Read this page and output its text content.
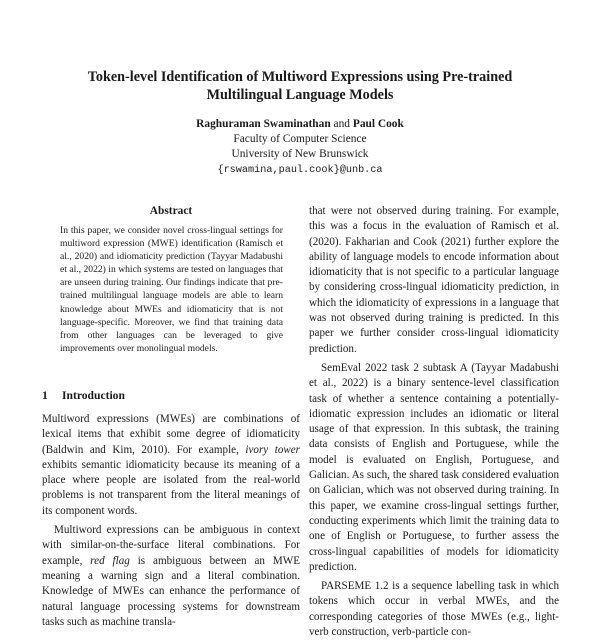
Token-level Identification of Multiword Expressions using Pre-trained
Multilingual Language Models
Raghuraman Swaminathan and Paul Cook
Faculty of Computer Science
University of New Brunswick
{rswamina,paul.cook}@unb.ca
Abstract
In this paper, we consider novel cross-lingual settings for multiword expression (MWE) identification (Ramisch et al., 2020) and idiomaticity prediction (Tayyar Madabushi et al., 2022) in which systems are tested on languages that are unseen during training. Our findings indicate that pre-trained multilingual language models are able to learn knowledge about MWEs and idiomaticity that is not language-specific. Moreover, we find that training data from other languages can be leveraged to give improvements over monolingual models.
1 Introduction

Multiword expressions (MWEs) are combinations of lexical items that exhibit some degree of idiomaticity (Baldwin and Kim, 2010). For example, ivory tower exhibits semantic idiomaticity because its meaning of a place where people are isolated from the real-world problems is not transparent from the literal meanings of its component words.

Multiword expressions can be ambiguous in context with similar-on-the-surface literal combinations. For example, red flag is ambiguous between an MWE meaning a warning sign and a literal combination. Knowledge of MWEs can enhance the performance of natural language processing systems for downstream tasks such as machine transla-

that were not observed during training. For example, this was a focus in the evaluation of Ramisch et al. (2020). Fakharian and Cook (2021) further explore the ability of language models to encode information about idiomaticity that is not specific to a particular language by considering cross-lingual idiomaticity prediction, in which the idiomaticity of expressions in a language that was not observed during training is predicted. In this paper we further consider cross-lingual idiomaticity prediction.

SemEval 2022 task 2 subtask A (Tayyar Madabushi et al., 2022) is a binary sentence-level classification task of whether a sentence containing a potentially-idiomatic expression includes an idiomatic or literal usage of that expression. In this subtask, the training data consists of English and Portuguese, while the model is evaluated on English, Portuguese, and Galician. As such, the shared task considered evaluation on Galician, which was not observed during training. In this paper, we examine cross-lingual settings further, conducting experiments which limit the training data to one of English or Portuguese, to further assess the cross-lingual capabilities of models for idiomaticity prediction.

PARSEME 1.2 is a sequence labelling task in which tokens which occur in verbal MWEs, and the corresponding categories of those MWEs (e.g., light-verb construction, verb-particle con-
